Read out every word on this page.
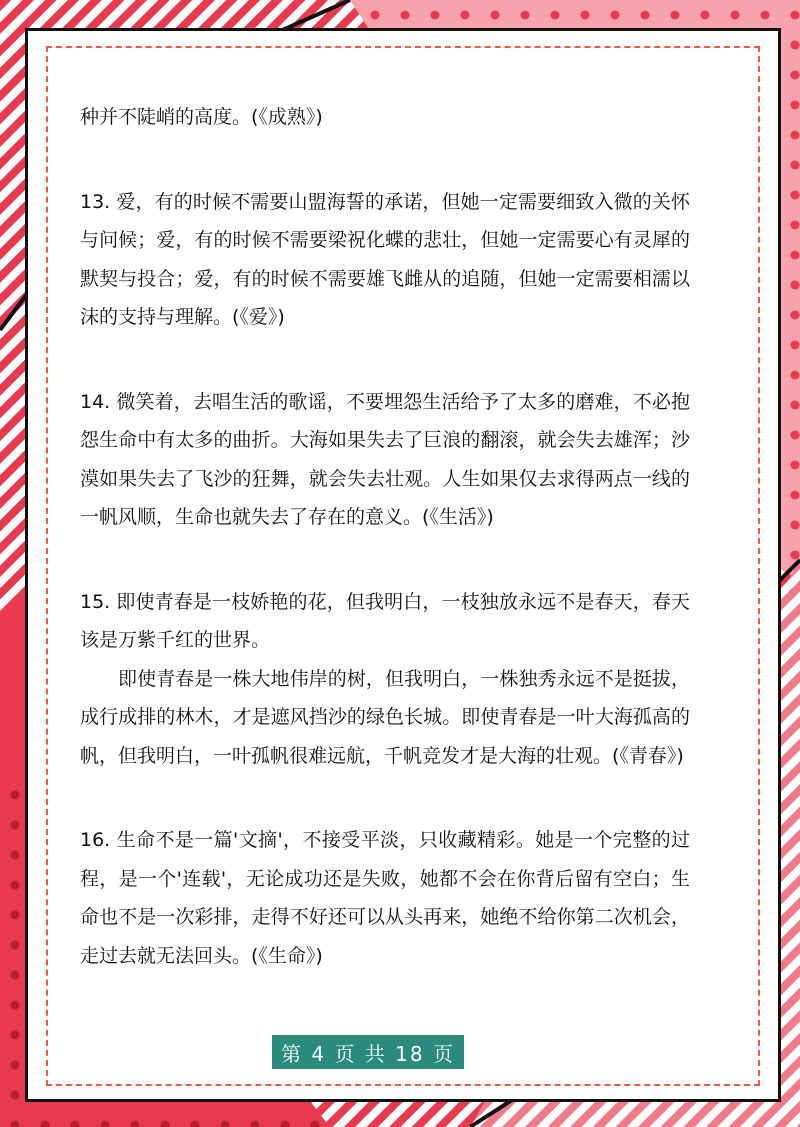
种并不陡峭的高度。(《成熟》)

13. 爱，有的时候不需要山盟海誓的承诺，但她一定需要细致入微的关怀与问候；爱，有的时候不需要梁祝化蝶的悲壮，但她一定需要心有灵犀的默契与投合；爱，有的时候不需要雄飞雌从的追随，但她一定需要相濡以沫的支持与理解。(《爱》)

14. 微笑着，去唱生活的歌谣，不要埋怨生活给予了太多的磨难，不必抱怨生命中有太多的曲折。大海如果失去了巨浪的翻滚，就会失去雄浑；沙漠如果失去了飞沙的狂舞，就会失去壮观。人生如果仅去求得两点一线的一帆风顺，生命也就失去了存在的意义。(《生活》)

15. 即使青春是一枝娇艳的花，但我明白，一枝独放永远不是春天，春天该是万紫千红的世界。

即使青春是一株大地伟岸的树，但我明白，一株独秀永远不是挺拔，成行成排的林木，才是遮风挡沙的绿色长城。即使青春是一叶大海孤高的帆，但我明白，一叶孤帆很难远航，千帆竞发才是大海的壮观。(《青春》)

16. 生命不是一篇'文摘'，不接受平淡，只收藏精彩。她是一个完整的过程，是一个'连载'，无论成功还是失败，她都不会在你背后留有空白；生命也不是一次彩排，走得不好还可以从头再来，她绝不给你第二次机会，走过去就无法回头。(《生命》)

第 4 页 共 18 页
